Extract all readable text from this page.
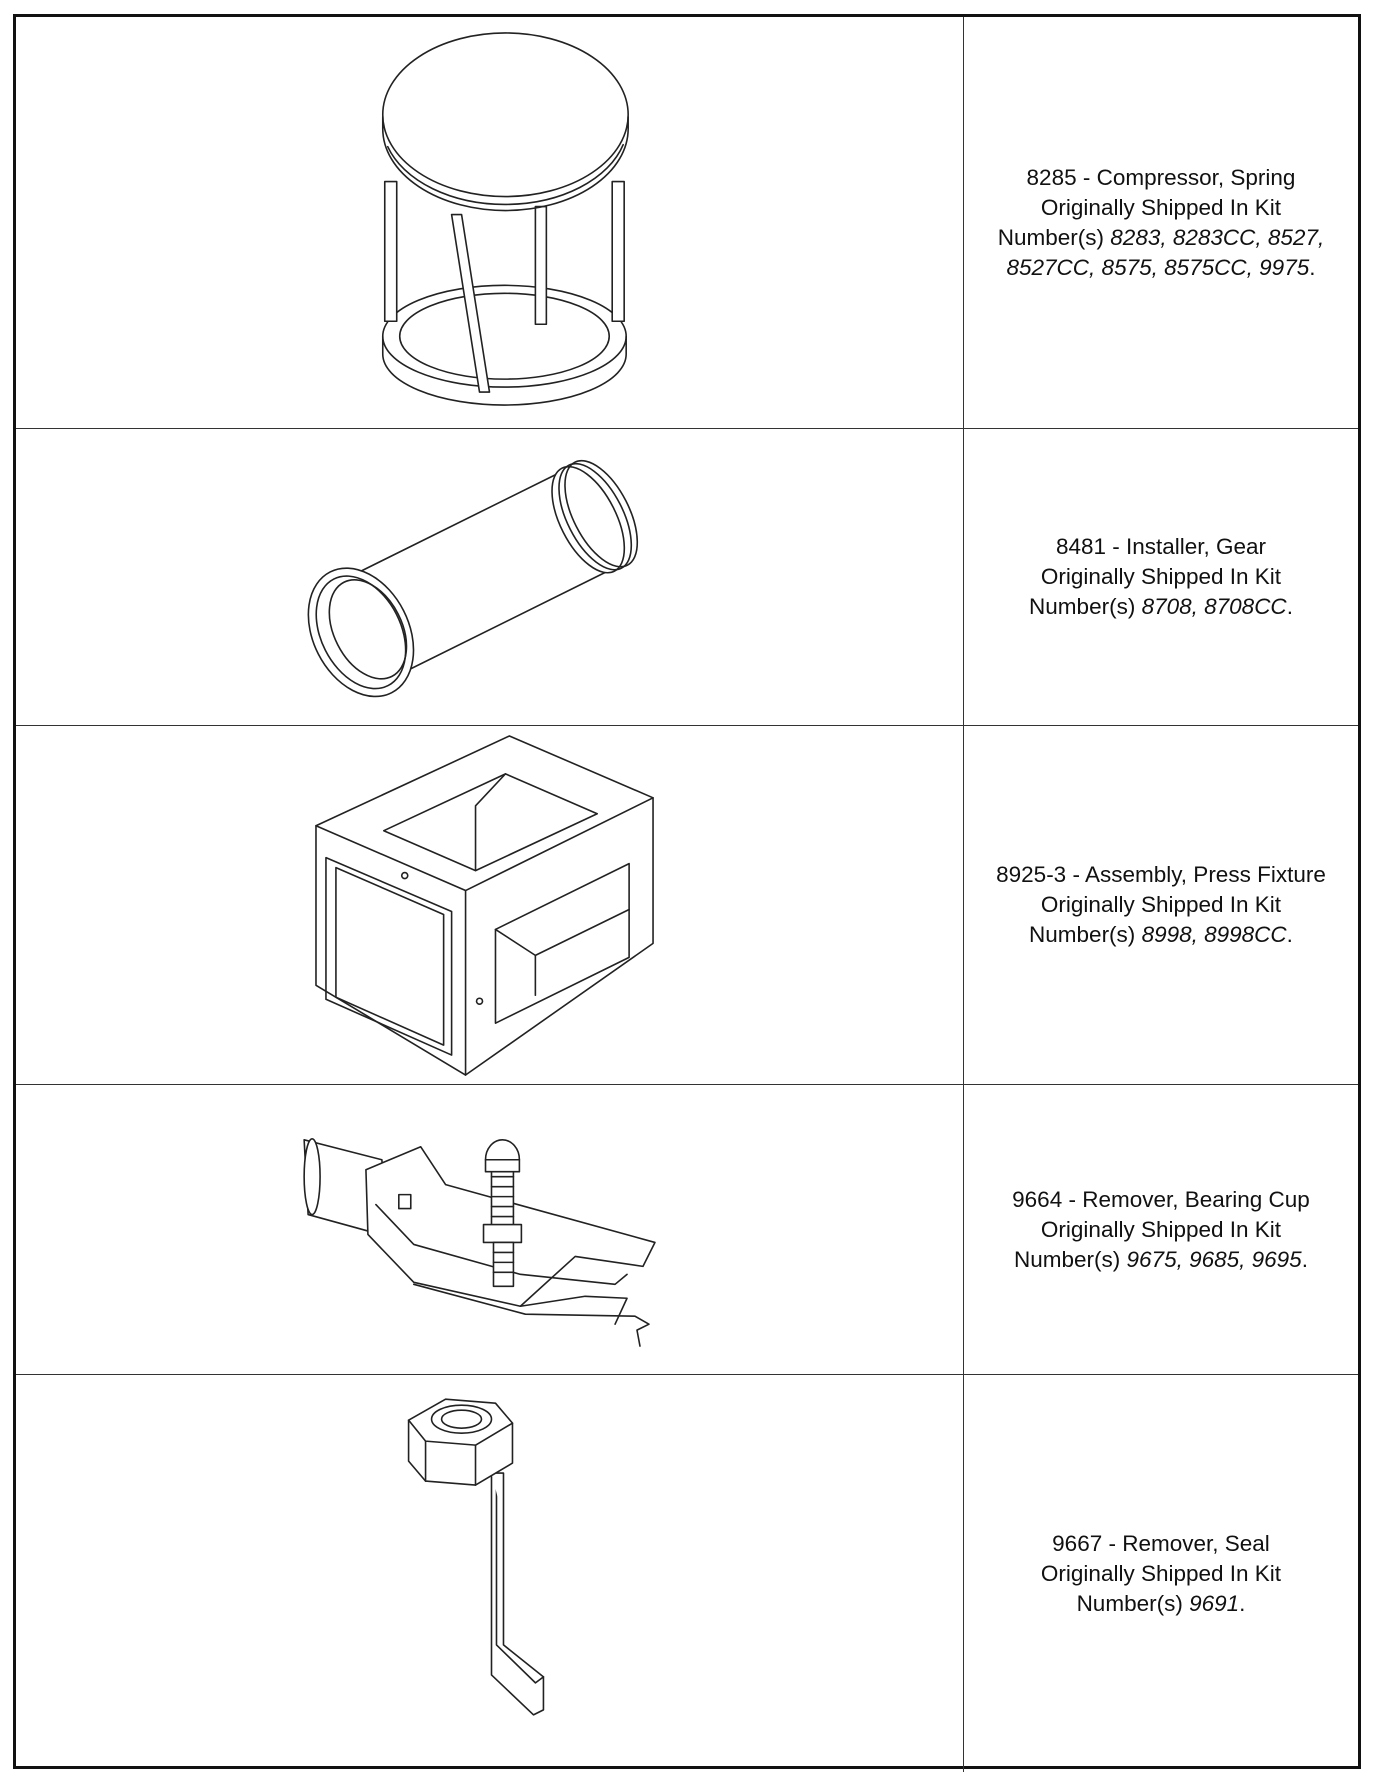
8285 - Compressor, Spring

Originally Shipped In Kit

Number(s) 8283, 8283CC, 8527,

8527CC, 8575, 8575CC, 9975.

8481 - Installer, Gear

Originally Shipped In Kit

Number(s) 8708, 8708CC.

8925-3 - Assembly, Press Fixture

Originally Shipped In Kit

Number(s) 8998, 8998CC.

9664 - Remover, Bearing Cup

Originally Shipped In Kit

Number(s) 9675, 9685, 9695.

9667 - Remover, Seal

Originally Shipped In Kit

Number(s) 9691.
